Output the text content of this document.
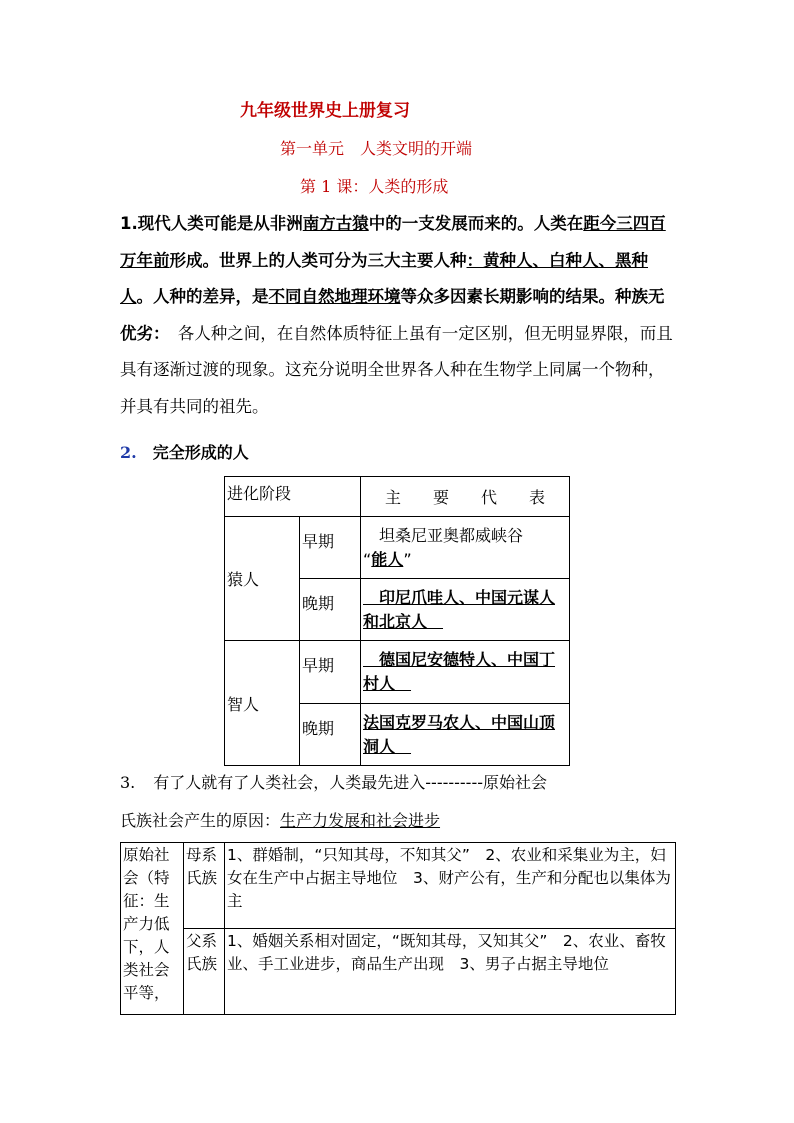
九年级世界史上册复习
第一单元　人类文明的开端
第 1 课：人类的形成
1.现代人类可能是从非洲南方古猿中的一支发展而来的。人类在距今三四百万年前形成。世界上的人类可分为三大主要人种：黄种人、白种人、黑种人。人种的差异，是不同自然地理环境等众多因素长期影响的结果。种族无优劣：　各人种之间，在自然体质特征上虽有一定区别，但无明显界限，而且具有逐渐过渡的现象。这充分说明全世界各人种在生物学上同属一个物种，并具有共同的祖先。
2. 完全形成的人
进化阶段		主　　要　　代　　表
猿人	早期	　坦桑尼亚奥都威峡谷
“能人”
	晚期	　印尼爪哇人、中国元谋人和北京人　
智人	早期	　德国尼安德特人、中国丁村人　
	晚期	法国克罗马农人、中国山顶洞人　
3. 有了人就有了人类社会，人类最先进入----------原始社会
氏族社会产生的原因：生产力发展和社会进步
原始社会（特征：生产力低下，人类社会平等，	母系氏族	1、群婚制，“只知其母，不知其父”　2、农业和采集业为主，妇女在生产中占据主导地位　3、财产公有，生产和分配也以集体为主
	父系氏族	1、婚姻关系相对固定，“既知其母，又知其父”　2、农业、畜牧业、手工业进步，商品生产出现　3、男子占据主导地位
